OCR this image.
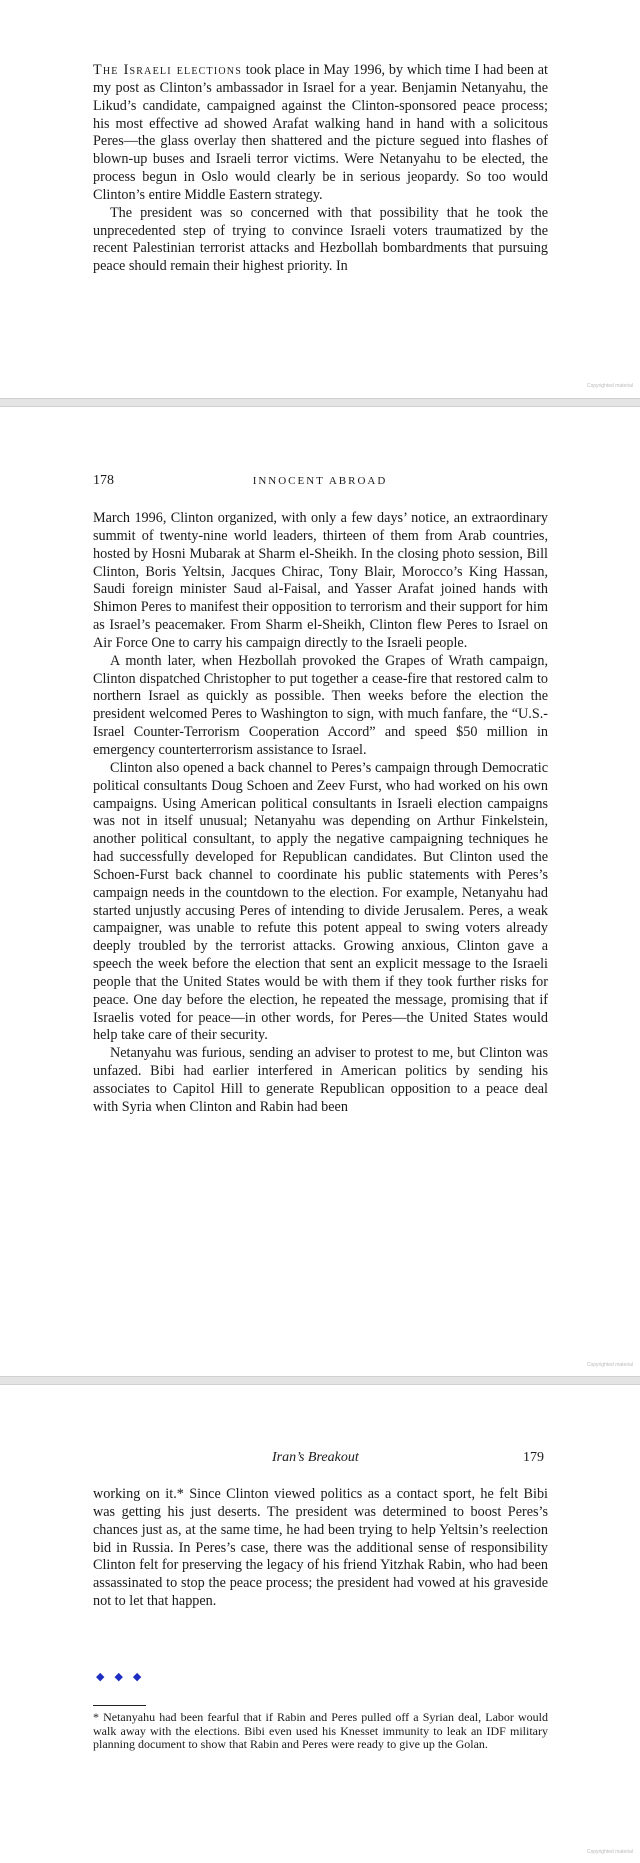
The Israeli elections took place in May 1996, by which time I had been at my post as Clinton’s ambassador in Israel for a year. Benjamin Netanyahu, the Likud’s candidate, campaigned against the Clinton-sponsored peace process; his most effective ad showed Arafat walking hand in hand with a solicitous Peres—the glass overlay then shattered and the picture segued into flashes of blown-up buses and Israeli terror victims. Were Netanyahu to be elected, the process begun in Oslo would clearly be in serious jeopardy. So too would Clinton’s entire Middle Eastern strategy.

The president was so concerned with that possibility that he took the unprecedented step of trying to convince Israeli voters traumatized by the recent Palestinian terrorist attacks and Hezbollah bombardments that pursuing peace should remain their highest priority. In

Copyrighted material
178	INNOCENT ABROAD

March 1996, Clinton organized, with only a few days’ notice, an extraordinary summit of twenty-nine world leaders, thirteen of them from Arab countries, hosted by Hosni Mubarak at Sharm el-Sheikh. In the closing photo session, Bill Clinton, Boris Yeltsin, Jacques Chirac, Tony Blair, Morocco’s King Hassan, Saudi foreign minister Saud al-Faisal, and Yasser Arafat joined hands with Shimon Peres to manifest their opposition to terrorism and their support for him as Israel’s peacemaker. From Sharm el-Sheikh, Clinton flew Peres to Israel on Air Force One to carry his campaign directly to the Israeli people.

A month later, when Hezbollah provoked the Grapes of Wrath campaign, Clinton dispatched Christopher to put together a cease-fire that restored calm to northern Israel as quickly as possible. Then weeks before the election the president welcomed Peres to Washington to sign, with much fanfare, the “U.S.-Israel Counter-Terrorism Cooperation Accord” and speed $50 million in emergency counterterrorism assistance to Israel.

Clinton also opened a back channel to Peres’s campaign through Democratic political consultants Doug Schoen and Zeev Furst, who had worked on his own campaigns. Using American political consultants in Israeli election campaigns was not in itself unusual; Netanyahu was depending on Arthur Finkelstein, another political consultant, to apply the negative campaigning techniques he had successfully developed for Republican candidates. But Clinton used the Schoen-Furst back channel to coordinate his public statements with Peres’s campaign needs in the countdown to the election. For example, Netanyahu had started unjustly accusing Peres of intending to divide Jerusalem. Peres, a weak campaigner, was unable to refute this potent appeal to swing voters already deeply troubled by the terrorist attacks. Growing anxious, Clinton gave a speech the week before the election that sent an explicit message to the Israeli people that the United States would be with them if they took further risks for peace. One day before the election, he repeated the message, promising that if Israelis voted for peace—in other words, for Peres—the United States would help take care of their security.

Netanyahu was furious, sending an adviser to protest to me, but Clinton was unfazed. Bibi had earlier interfered in American politics by sending his associates to Capitol Hill to generate Republican opposition to a peace deal with Syria when Clinton and Rabin had been

Copyrighted material
Iran’s Breakout	179

working on it.* Since Clinton viewed politics as a contact sport, he felt Bibi was getting his just deserts. The president was determined to boost Peres’s chances just as, at the same time, he had been trying to help Yeltsin’s reelection bid in Russia. In Peres’s case, there was the additional sense of responsibility Clinton felt for preserving the legacy of his friend Yitzhak Rabin, who had been assassinated to stop the peace process; the president had vowed at his graveside not to let that happen.

◆◆◆
* Netanyahu had been fearful that if Rabin and Peres pulled off a Syrian deal, Labor would walk away with the elections. Bibi even used his Knesset immunity to leak an IDF military planning document to show that Rabin and Peres were ready to give up the Golan.
Copyrighted material
